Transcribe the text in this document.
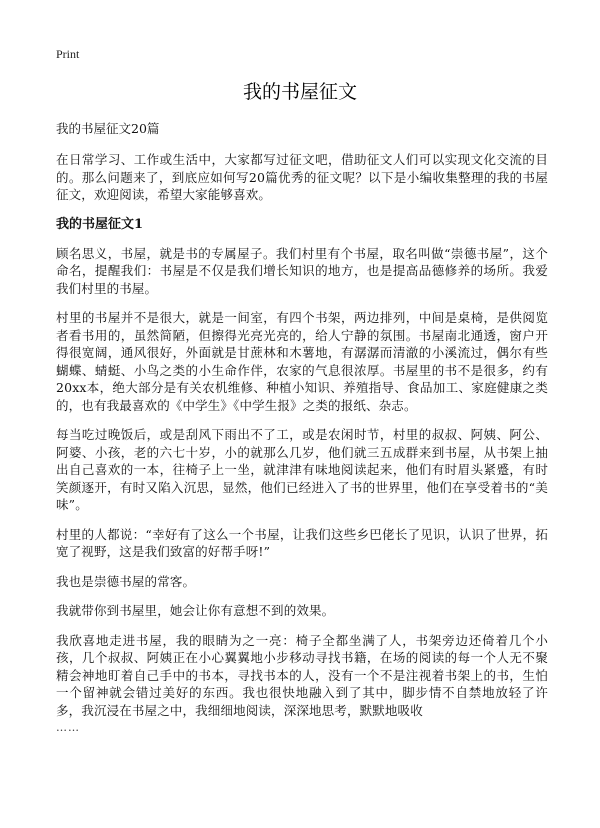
Print
我的书屋征文

我的书屋征文20篇

在日常学习、工作或生活中，大家都写过征文吧，借助征文人们可以实现文化交流的目的。那么问题来了，到底应如何写20篇优秀的征文呢？以下是小编收集整理的我的书屋征文，欢迎阅读，希望大家能够喜欢。

我的书屋征文1

顾名思义，书屋，就是书的专属屋子。我们村里有个书屋，取名叫做“崇德书屋”，这个命名，提醒我们：书屋是不仅是我们增长知识的地方，也是提高品德修养的场所。我爱我们村里的书屋。

村里的书屋并不是很大，就是一间室，有四个书架，两边排列，中间是桌椅，是供阅览者看书用的，虽然简陋，但擦得光亮光亮的，给人宁静的氛围。书屋南北通透，窗户开得很宽阔，通风很好，外面就是甘蔗林和木薯地，有潺潺而清澈的小溪流过，偶尔有些蝴蝶、蜻蜓、小鸟之类的小生命作伴，农家的气息很浓厚。书屋里的书不是很多，约有20xx本，绝大部分是有关农机维修、种植小知识、养殖指导、食品加工、家庭健康之类的，也有我最喜欢的《中学生》《中学生报》之类的报纸、杂志。

每当吃过晚饭后，或是刮风下雨出不了工，或是农闲时节，村里的叔叔、阿姨、阿公、阿婆、小孩，老的六七十岁，小的就那么几岁，他们就三五成群来到书屋，从书架上抽出自己喜欢的一本，往椅子上一坐，就津津有味地阅读起来，他们有时眉头紧蹙，有时笑颜逐开，有时又陷入沉思，显然，他们已经进入了书的世界里，他们在享受着书的“美味”。

村里的人都说：“幸好有了这么一个书屋，让我们这些乡巴佬长了见识，认识了世界，拓宽了视野，这是我们致富的好帮手呀!”

我也是崇德书屋的常客。

我就带你到书屋里，她会让你有意想不到的效果。

我欣喜地走进书屋，我的眼睛为之一亮：椅子全都坐满了人，书架旁边还倚着几个小孩，几个叔叔、阿姨正在小心翼翼地小步移动寻找书籍，在场的阅读的每一个人无不聚精会神地盯着自己手中的书本，寻找书本的人，没有一个不是注视着书架上的书，生怕一个留神就会错过美好的东西。我也很快地融入到了其中，脚步情不自禁地放轻了许多，我沉浸在书屋之中，我细细地阅读，深深地思考，默默地吸收

……
